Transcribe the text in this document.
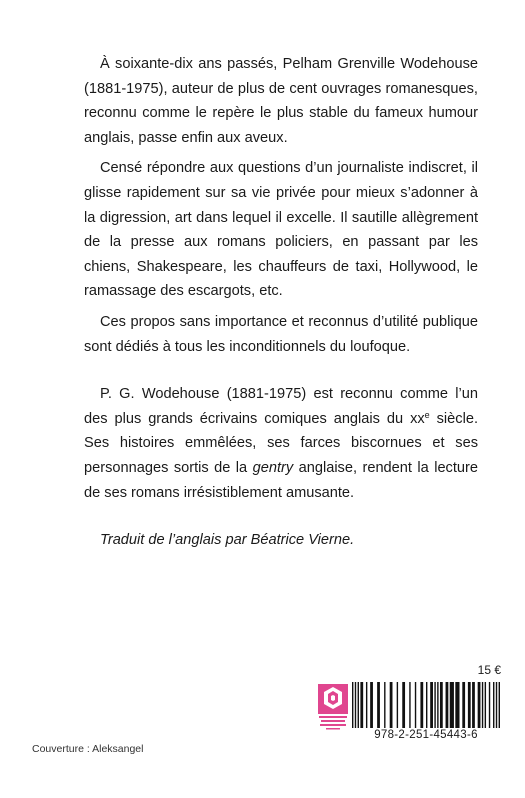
À soixante-dix ans passés, Pelham Grenville Wodehouse (1881-1975), auteur de plus de cent ouvrages romanesques, reconnu comme le repère le plus stable du fameux humour anglais, passe enfin aux aveux.

Censé répondre aux questions d’un journaliste indiscret, il glisse rapidement sur sa vie privée pour mieux s’adonner à la digression, art dans lequel il excelle. Il sautille allègrement de la presse aux romans policiers, en passant par les chiens, Shakespeare, les chauffeurs de taxi, Hollywood, le ramassage des escargots, etc.

Ces propos sans importance et reconnus d’utilité publique sont dédiés à tous les inconditionnels du loufoque.

P. G. Wodehouse (1881-1975) est reconnu comme l’un des plus grands écrivains comiques anglais du $xx^e$ siècle. Ses histoires emmêlées, ses farces biscornues et ses personnages sortis de la gentry anglaise, rendent la lecture de ses romans irrésistiblement amusante.

Traduit de l’anglais par Béatrice Vierne.

15 €
Couverture : Aleksangel
978-2-251-45443-6
